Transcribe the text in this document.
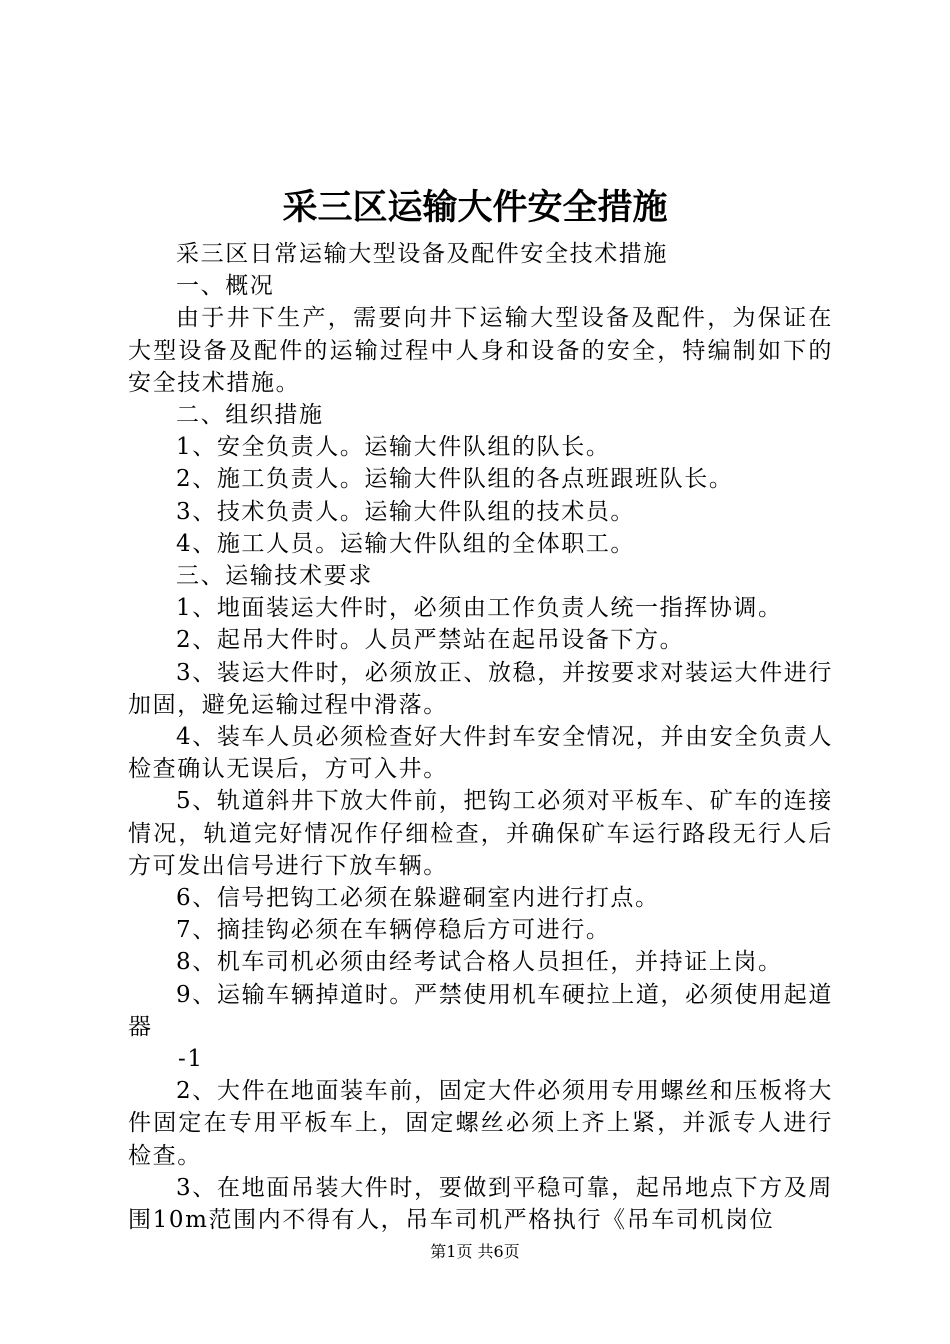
采三区运输大件安全措施

采三区日常运输大型设备及配件安全技术措施

一、概况

由于井下生产，需要向井下运输大型设备及配件，为保证在大型设备及配件的运输过程中人身和设备的安全，特编制如下的安全技术措施。

二、组织措施

1、安全负责人。运输大件队组的队长。

2、施工负责人。运输大件队组的各点班跟班队长。

3、技术负责人。运输大件队组的技术员。

4、施工人员。运输大件队组的全体职工。

三、运输技术要求

1、地面装运大件时，必须由工作负责人统一指挥协调。

2、起吊大件时。人员严禁站在起吊设备下方。

3、装运大件时，必须放正、放稳，并按要求对装运大件进行加固，避免运输过程中滑落。

4、装车人员必须检查好大件封车安全情况，并由安全负责人检查确认无误后，方可入井。

5、轨道斜井下放大件前，把钩工必须对平板车、矿车的连接情况，轨道完好情况作仔细检查，并确保矿车运行路段无行人后方可发出信号进行下放车辆。

6、信号把钩工必须在躲避硐室内进行打点。

7、摘挂钩必须在车辆停稳后方可进行。

8、机车司机必须由经考试合格人员担任，并持证上岗。

9、运输车辆掉道时。严禁使用机车硬拉上道，必须使用起道器

-1

2、大件在地面装车前，固定大件必须用专用螺丝和压板将大件固定在专用平板车上，固定螺丝必须上齐上紧，并派专人进行检查。

3、在地面吊装大件时，要做到平稳可靠，起吊地点下方及周围10m范围内不得有人，吊车司机严格执行《吊车司机岗位

第1页 共6页
